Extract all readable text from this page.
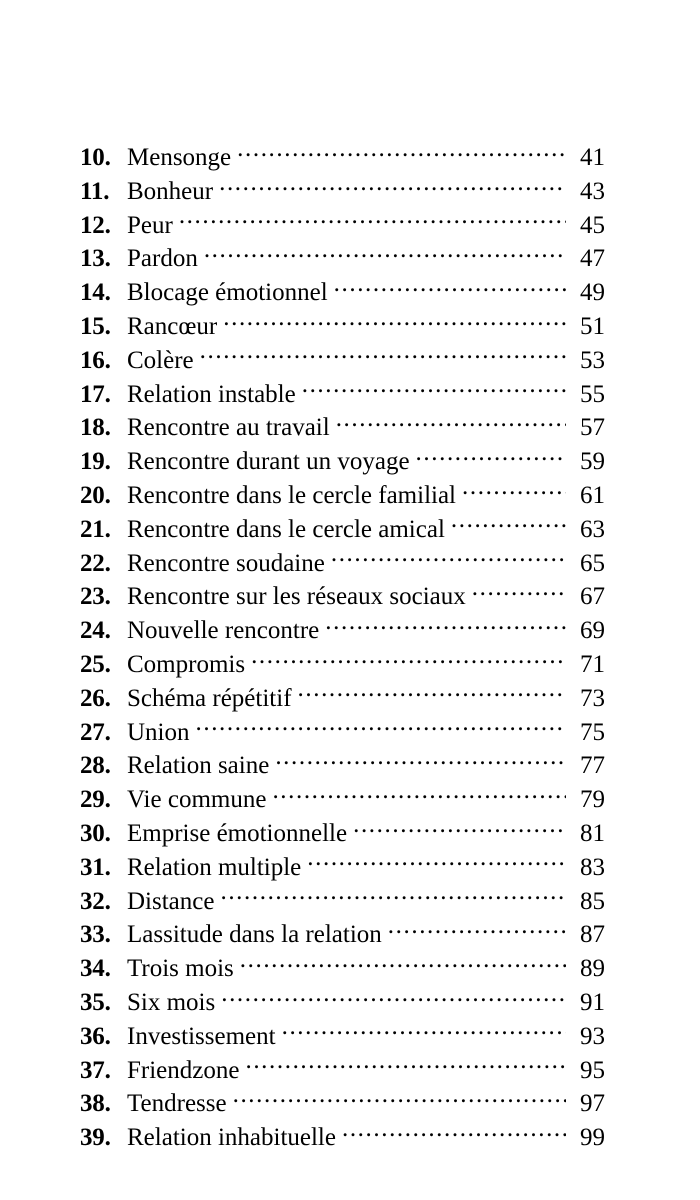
10. Mensonge .....	41
11. Bonheur .....	43
12. Peur .....	45
13. Pardon .....	47
14. Blocage émotionnel .....	49
15. Rancœur .....	51
16. Colère .....	53
17. Relation instable .....	55
18. Rencontre au travail .....	57
19. Rencontre durant un voyage .....	59
20. Rencontre dans le cercle familial .....	61
21. Rencontre dans le cercle amical .....	63
22. Rencontre soudaine .....	65
23. Rencontre sur les réseaux sociaux .....	67
24. Nouvelle rencontre .....	69
25. Compromis .....	71
26. Schéma répétitif .....	73
27. Union .....	75
28. Relation saine .....	77
29. Vie commune .....	79
30. Emprise émotionnelle .....	81
31. Relation multiple .....	83
32. Distance .....	85
33. Lassitude dans la relation .....	87
34. Trois mois .....	89
35. Six mois .....	91
36. Investissement .....	93
37. Friendzone .....	95
38. Tendresse .....	97
39. Relation inhabituelle .....	99
